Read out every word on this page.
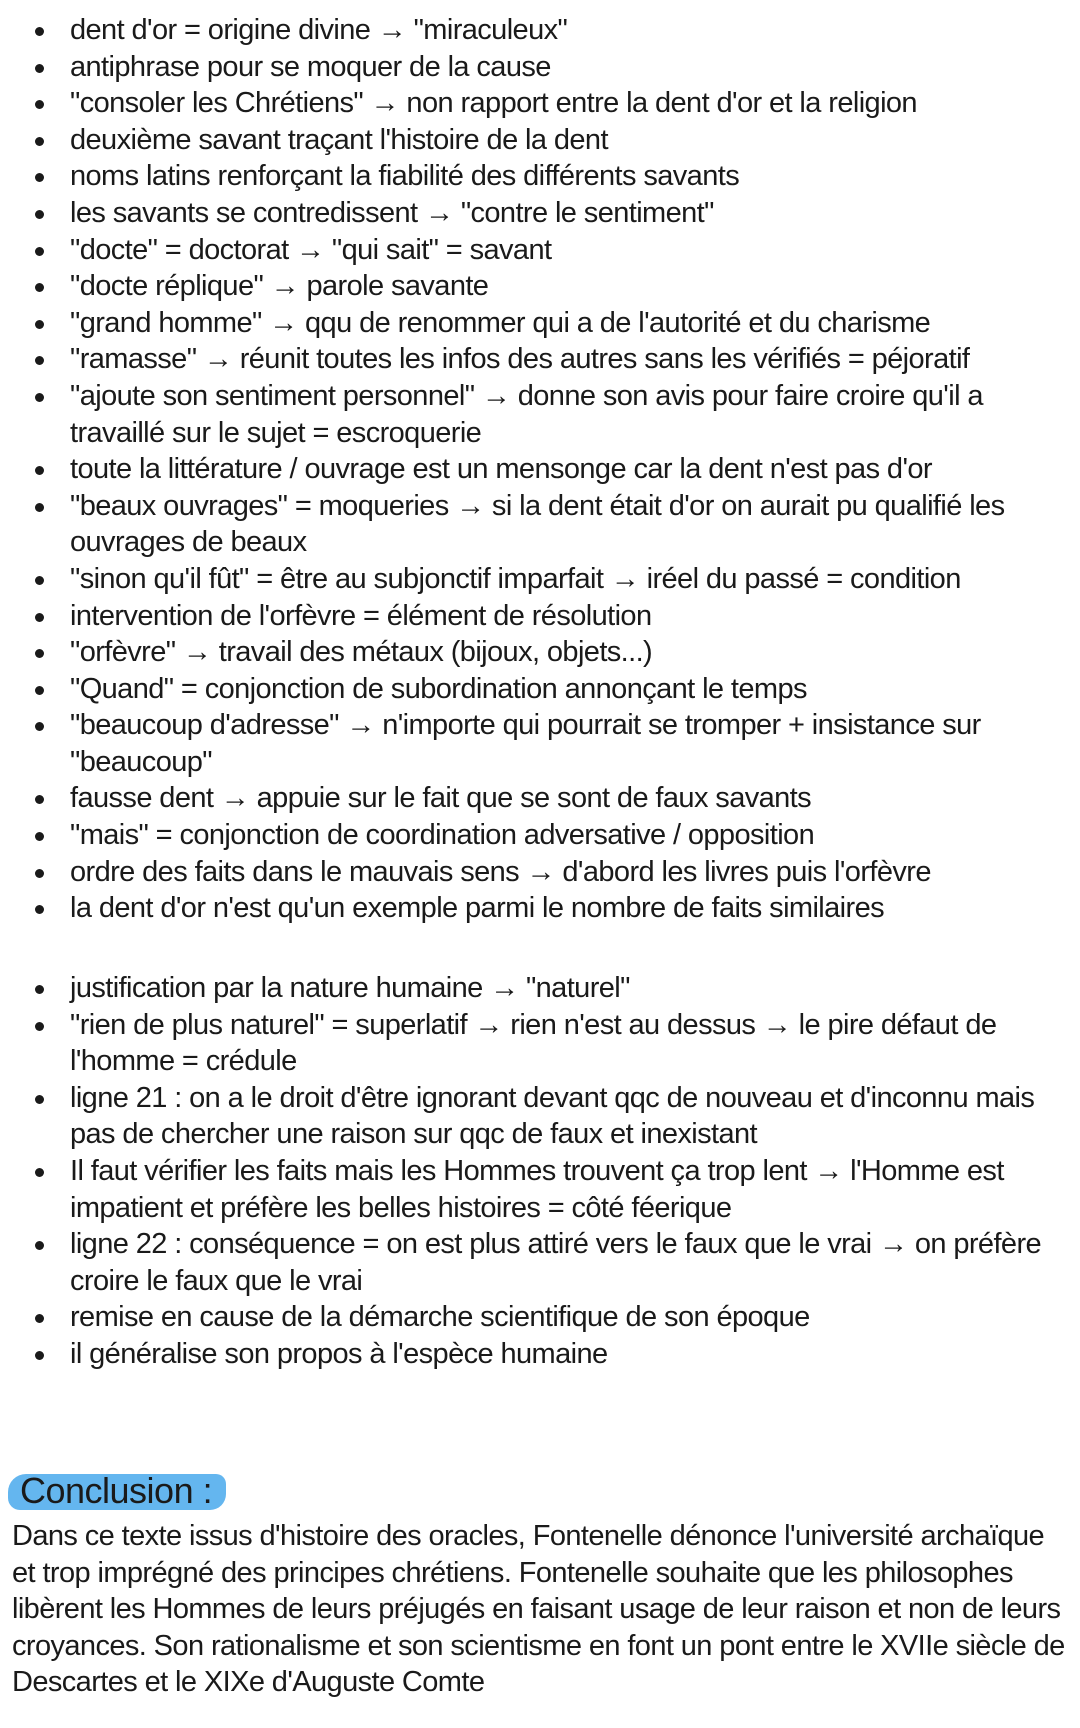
dent d'or = origine divine → "miraculeux"
antiphrase pour se moquer de la cause
"consoler les Chrétiens" → non rapport entre la dent d'or et la religion
deuxième savant traçant l'histoire de la dent
noms latins renforçant la fiabilité des différents savants
les savants se contredissent → "contre le sentiment"
"docte" = doctorat → "qui sait" = savant
"docte réplique" → parole savante
"grand homme" → qqu de renommer qui a de l'autorité et du charisme
"ramasse" → réunit toutes les infos des autres sans les vérifiés = péjoratif
"ajoute son sentiment personnel" → donne son avis pour faire croire qu'il a travaillé sur le sujet = escroquerie
toute la littérature / ouvrage est un mensonge car la dent n'est pas d'or
"beaux ouvrages" = moqueries → si la dent était d'or on aurait pu qualifié les ouvrages de beaux
"sinon qu'il fût" = être au subjonctif imparfait → iréel du passé = condition
intervention de l'orfèvre = élément de résolution
"orfèvre" → travail des métaux (bijoux, objets...)
"Quand" = conjonction de subordination annonçant le temps
"beaucoup d'adresse" → n'importe qui pourrait se tromper + insistance sur "beaucoup"
fausse dent → appuie sur le fait que se sont de faux savants
"mais" = conjonction de coordination adversative / opposition
ordre des faits dans le mauvais sens → d'abord les livres puis l'orfèvre
la dent d'or n'est qu'un exemple parmi le nombre de faits similaires
justification par la nature humaine → "naturel"
"rien de plus naturel" = superlatif → rien n'est au dessus → le pire défaut de l'homme = crédule
ligne 21 : on a le droit d'être ignorant devant qqc de nouveau et d'inconnu mais pas de chercher une raison sur qqc de faux et inexistant
Il faut vérifier les faits mais les Hommes trouvent ça trop lent → l'Homme est impatient et préfère les belles histoires = côté féerique
ligne 22 : conséquence = on est plus attiré vers le faux que le vrai → on préfère croire le faux que le vrai
remise en cause de la démarche scientifique de son époque
il généralise son propos à l'espèce humaine
Conclusion :

Dans ce texte issus d'histoire des oracles, Fontenelle dénonce l'université archaïque et trop imprégné des principes chrétiens. Fontenelle souhaite que les philosophes libèrent les Hommes de leurs préjugés en faisant usage de leur raison et non de leurs croyances. Son rationalisme et son scientisme en font un pont entre le XVIIe siècle de Descartes et le XIXe d'Auguste Comte
